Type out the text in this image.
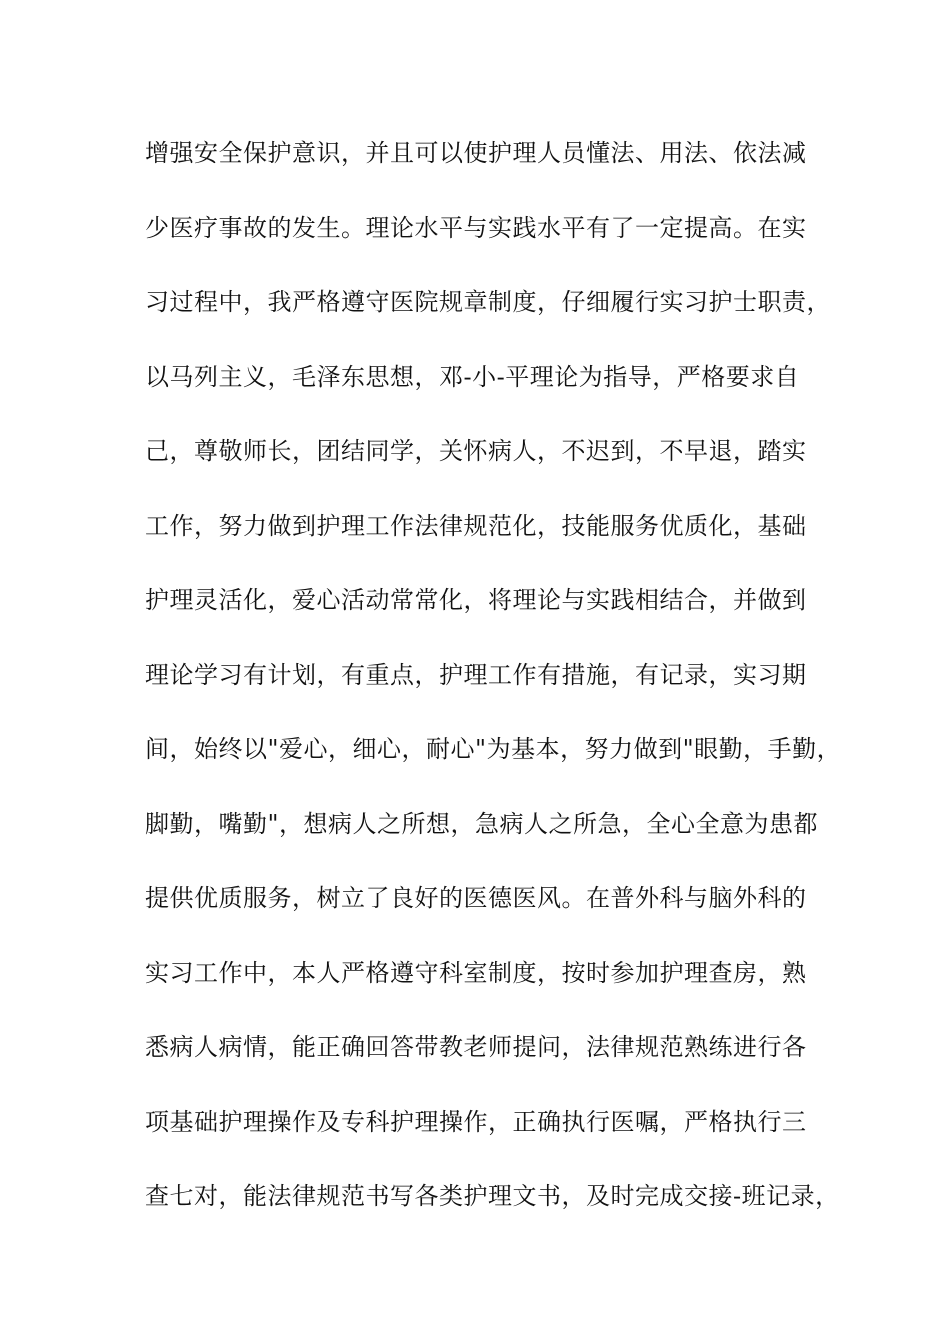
增强安全保护意识，并且可以使护理人员懂法、用法、依法减
少医疗事故的发生。理论水平与实践水平有了一定提高。在实
习过程中，我严格遵守医院规章制度，仔细履行实习护士职责，
以马列主义，毛泽东思想，邓-小-平理论为指导，严格要求自
己，尊敬师长，团结同学，关怀病人，不迟到，不早退，踏实
工作，努力做到护理工作法律规范化，技能服务优质化，基础
护理灵活化，爱心活动常常化，将理论与实践相结合，并做到
理论学习有计划，有重点，护理工作有措施，有记录，实习期
间，始终以"爱心，细心，耐心"为基本，努力做到"眼勤，手勤，
脚勤，嘴勤"，想病人之所想，急病人之所急，全心全意为患都
提供优质服务，树立了良好的医德医风。在普外科与脑外科的
实习工作中，本人严格遵守科室制度，按时参加护理查房，熟
悉病人病情，能正确回答带教老师提问，法律规范熟练进行各
项基础护理操作及专科护理操作，正确执行医嘱，严格执行三
查七对，能法律规范书写各类护理文书，及时完成交接-班记录，
